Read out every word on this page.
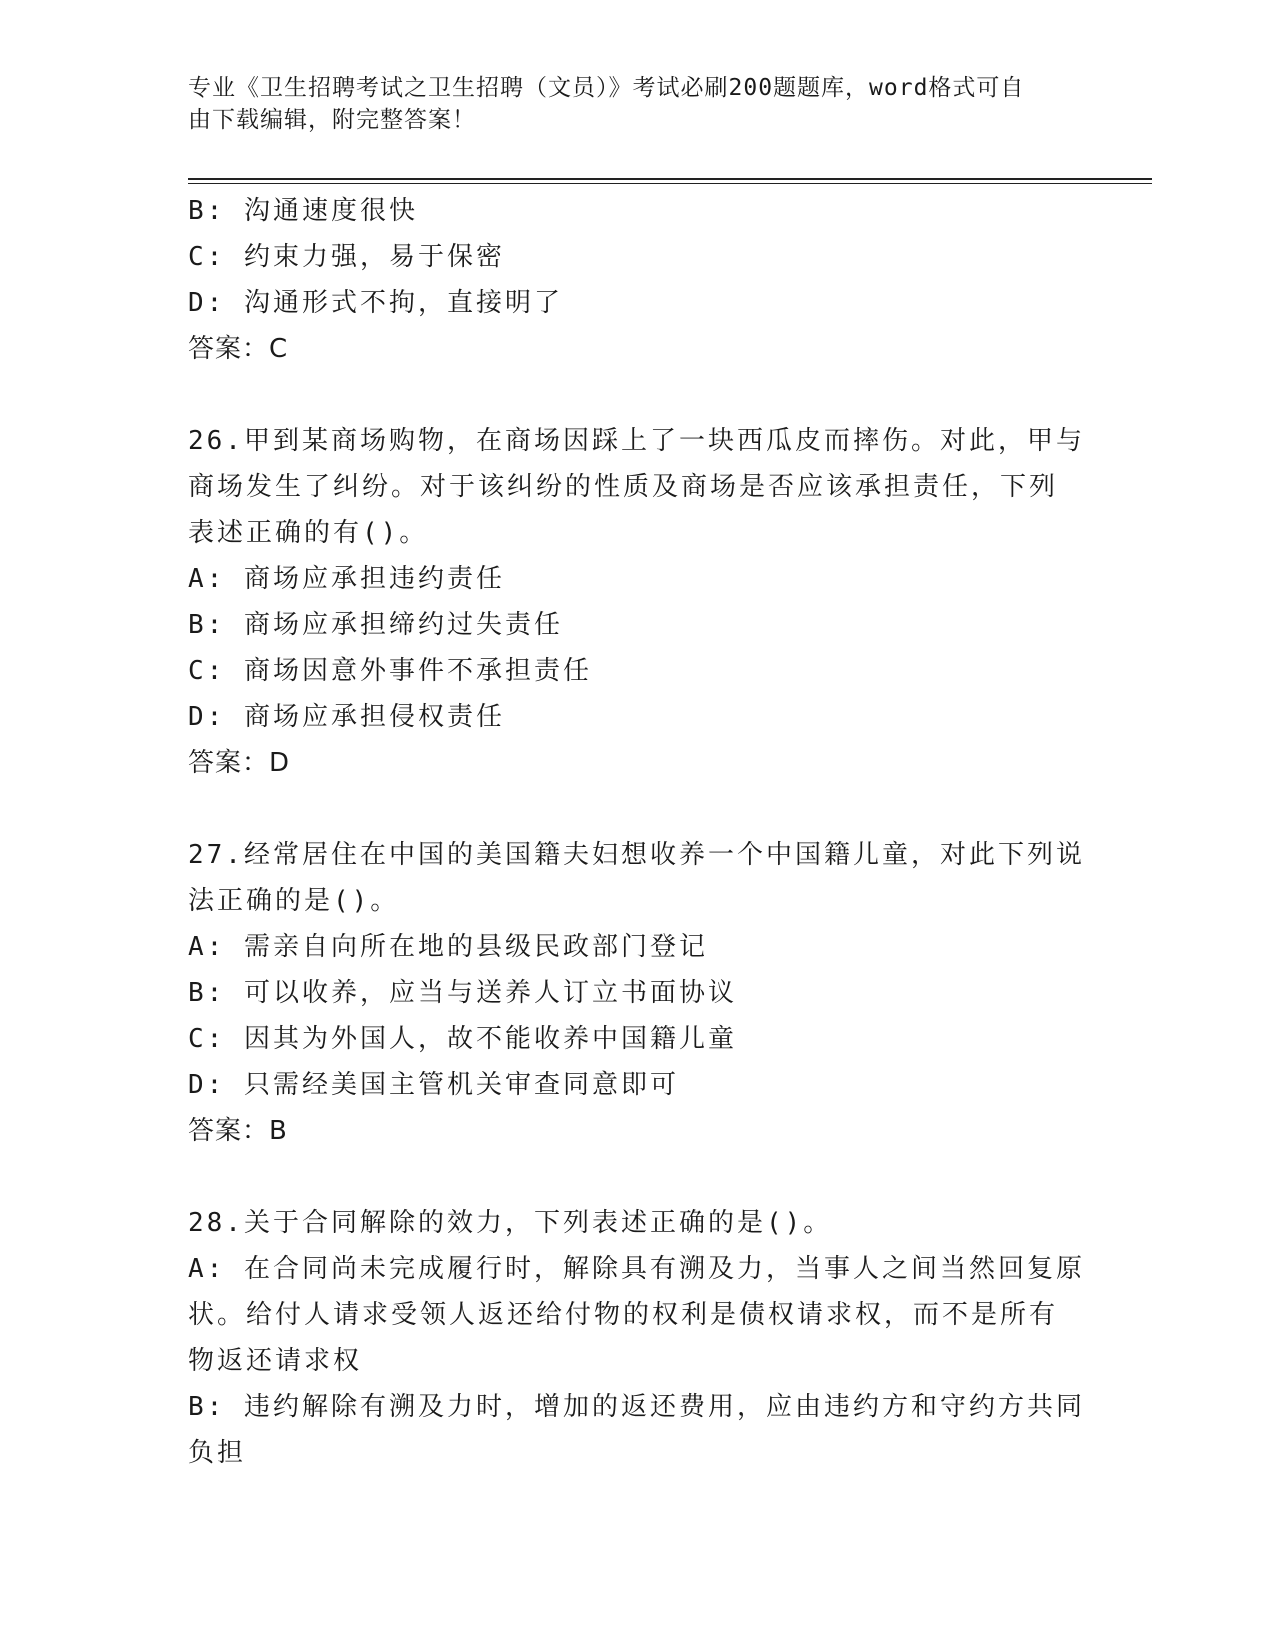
专业《卫生招聘考试之卫生招聘（文员）》考试必刷200题题库，word格式可自
由下载编辑，附完整答案！
B: 沟通速度很快
C: 约束力强，易于保密
D: 沟通形式不拘，直接明了
答案：C
26.甲到某商场购物，在商场因踩上了一块西瓜皮而摔伤。对此，甲与
商场发生了纠纷。对于该纠纷的性质及商场是否应该承担责任，下列
表述正确的有()。
A: 商场应承担违约责任
B: 商场应承担缔约过失责任
C: 商场因意外事件不承担责任
D: 商场应承担侵权责任
答案：D
27.经常居住在中国的美国籍夫妇想收养一个中国籍儿童，对此下列说
法正确的是()。
A: 需亲自向所在地的县级民政部门登记
B: 可以收养，应当与送养人订立书面协议
C: 因其为外国人，故不能收养中国籍儿童
D: 只需经美国主管机关审查同意即可
答案：B
28.关于合同解除的效力，下列表述正确的是()。
A: 在合同尚未完成履行时，解除具有溯及力，当事人之间当然回复原
状。给付人请求受领人返还给付物的权利是债权请求权，而不是所有
物返还请求权
B: 违约解除有溯及力时，增加的返还费用，应由违约方和守约方共同
负担
